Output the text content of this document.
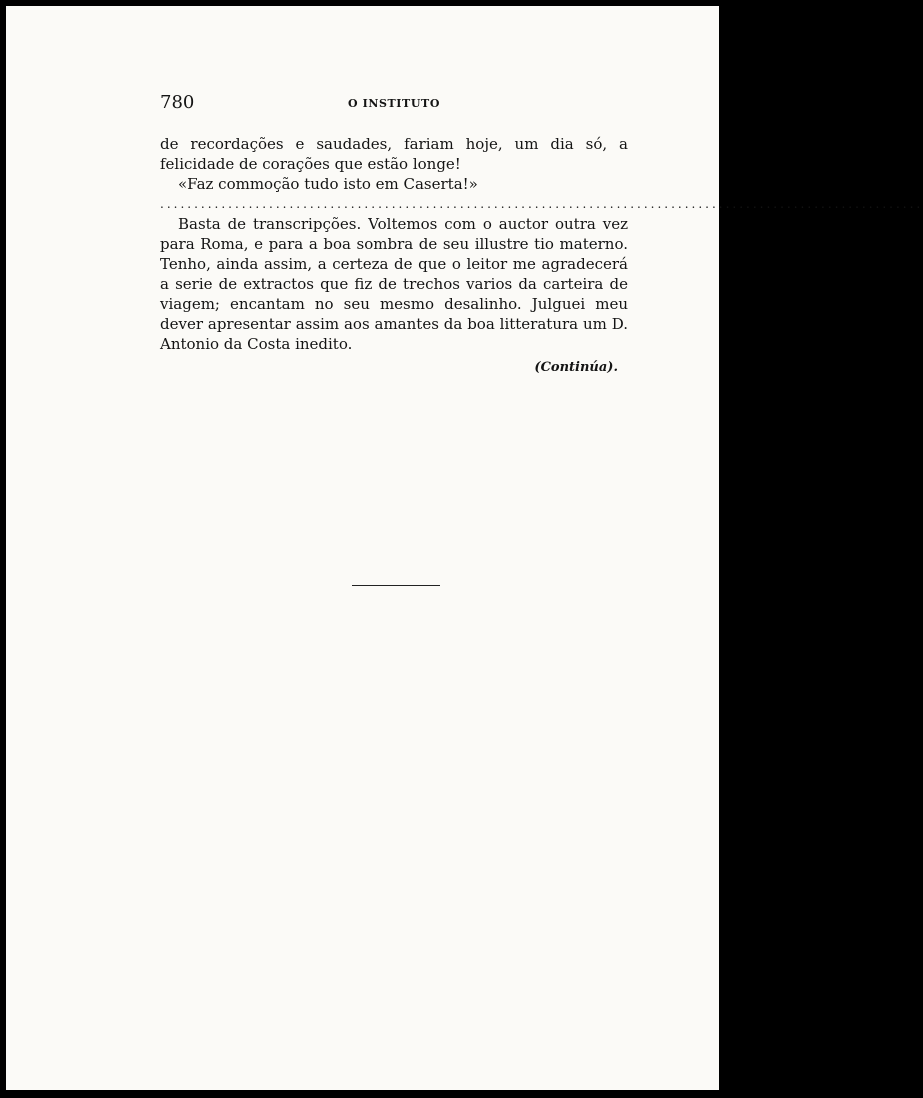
780	O INSTITUTO

de recordações e saudades, fariam hoje, um dia só, a felicidade de corações que estão longe!

«Faz commoção tudo isto em Caserta!»

................................................................................................................

Basta de transcripções. Voltemos com o auctor outra vez para Roma, e para a boa sombra de seu illustre tio materno. Tenho, ainda assim, a certeza de que o leitor me agradecerá a serie de extractos que fiz de trechos varios da carteira de viagem; encantam no seu mesmo desalinho. Julguei meu dever apresentar assim aos amantes da boa litteratura um D. Antonio da Costa inedito.

(Continúa).
